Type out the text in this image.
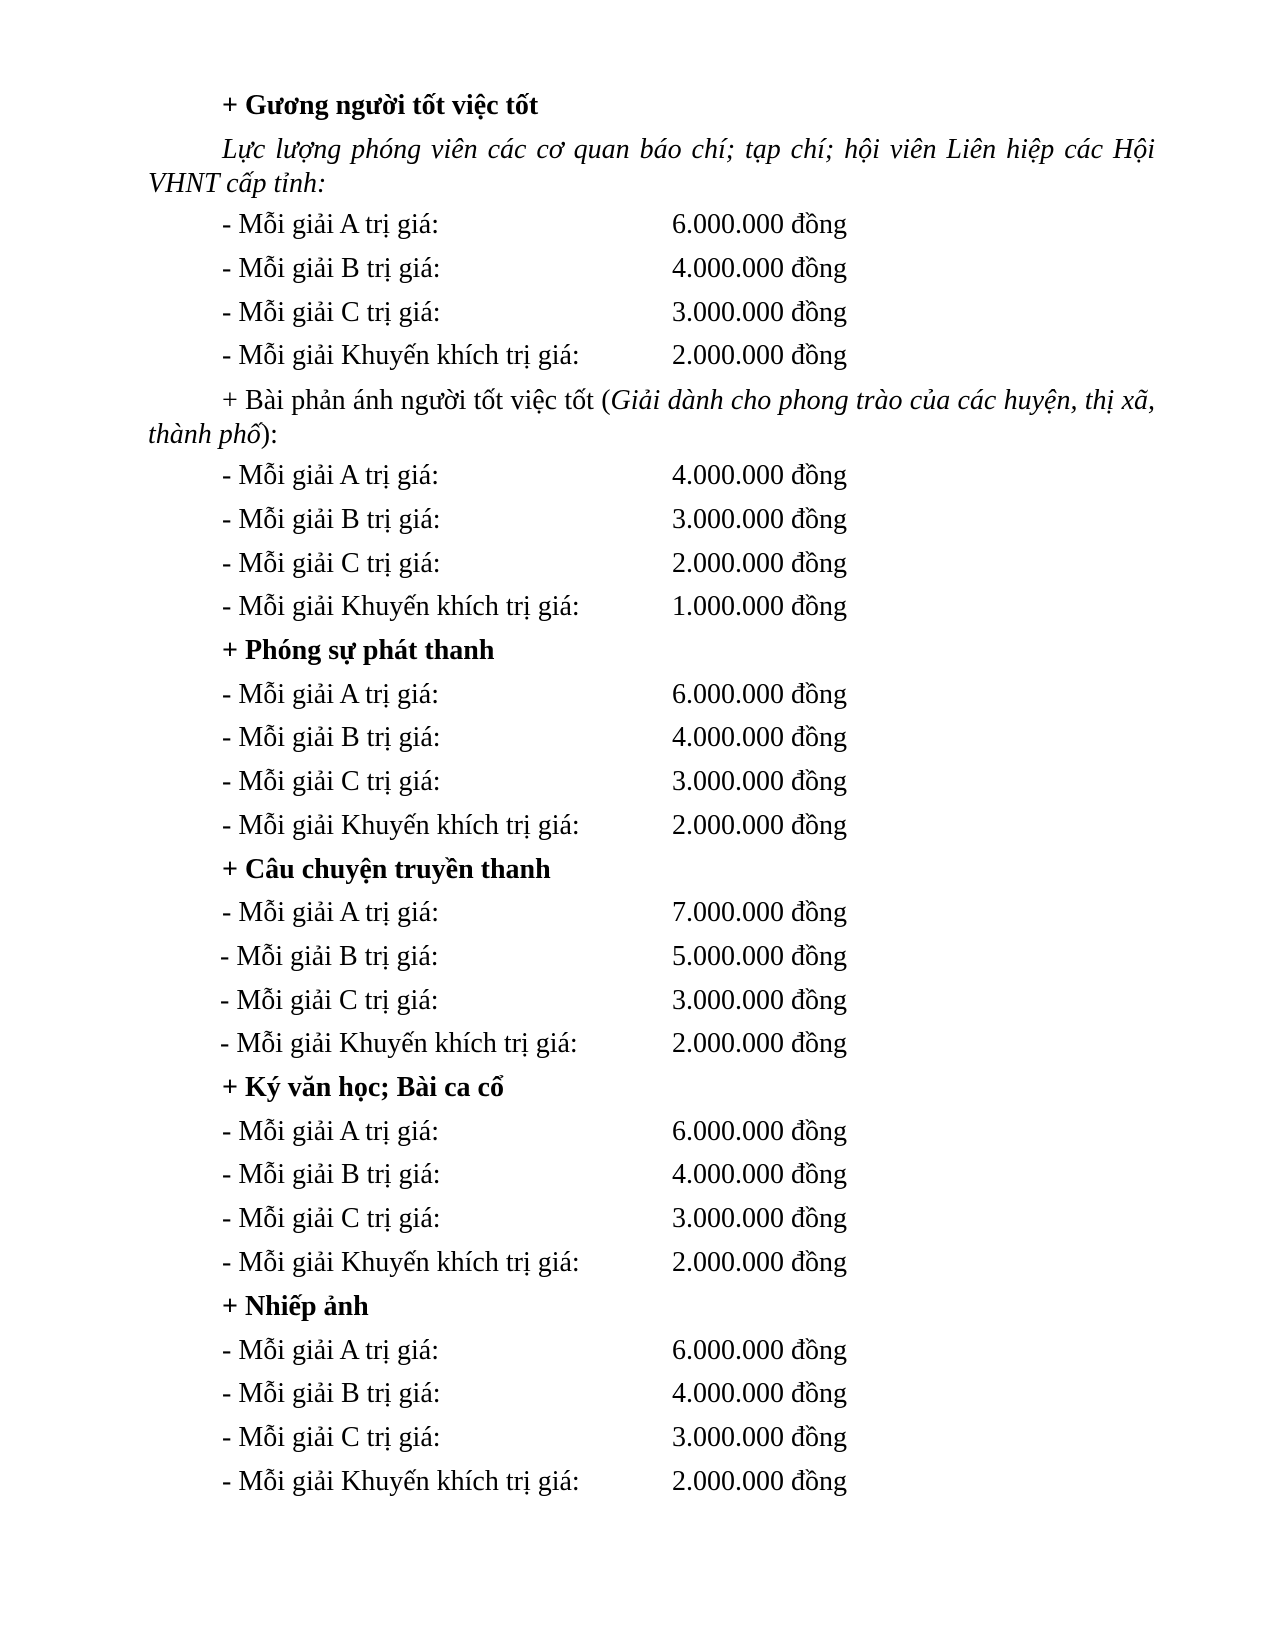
+ Gương người tốt việc tốt
Lực lượng phóng viên các cơ quan báo chí; tạp chí; hội viên Liên hiệp các Hội VHNT cấp tỉnh:
- Mỗi giải A trị giá:	6.000.000 đồng
- Mỗi giải B trị giá:	4.000.000 đồng
- Mỗi giải C trị giá:	3.000.000 đồng
- Mỗi giải Khuyến khích trị giá:	2.000.000 đồng
+ Bài phản ánh người tốt việc tốt (Giải dành cho phong trào của các huyện, thị xã, thành phố):
- Mỗi giải A trị giá:	4.000.000 đồng
- Mỗi giải B trị giá:	3.000.000 đồng
- Mỗi giải C trị giá:	2.000.000 đồng
- Mỗi giải Khuyến khích trị giá:	1.000.000 đồng
+ Phóng sự phát thanh
- Mỗi giải A trị giá:	6.000.000 đồng
- Mỗi giải B trị giá:	4.000.000 đồng
- Mỗi giải C trị giá:	3.000.000 đồng
- Mỗi giải Khuyến khích trị giá:	2.000.000 đồng
+ Câu chuyện truyền thanh
- Mỗi giải A trị giá:	7.000.000 đồng
- Mỗi giải B trị giá:	5.000.000 đồng
- Mỗi giải C trị giá:	3.000.000 đồng
- Mỗi giải Khuyến khích trị giá:	2.000.000 đồng
+ Ký văn học; Bài ca cổ
- Mỗi giải A trị giá:	6.000.000 đồng
- Mỗi giải B trị giá:	4.000.000 đồng
- Mỗi giải C trị giá:	3.000.000 đồng
- Mỗi giải Khuyến khích trị giá:	2.000.000 đồng
+ Nhiếp ảnh
- Mỗi giải A trị giá:	6.000.000 đồng
- Mỗi giải B trị giá:	4.000.000 đồng
- Mỗi giải C trị giá:	3.000.000 đồng
- Mỗi giải Khuyến khích trị giá:	2.000.000 đồng
